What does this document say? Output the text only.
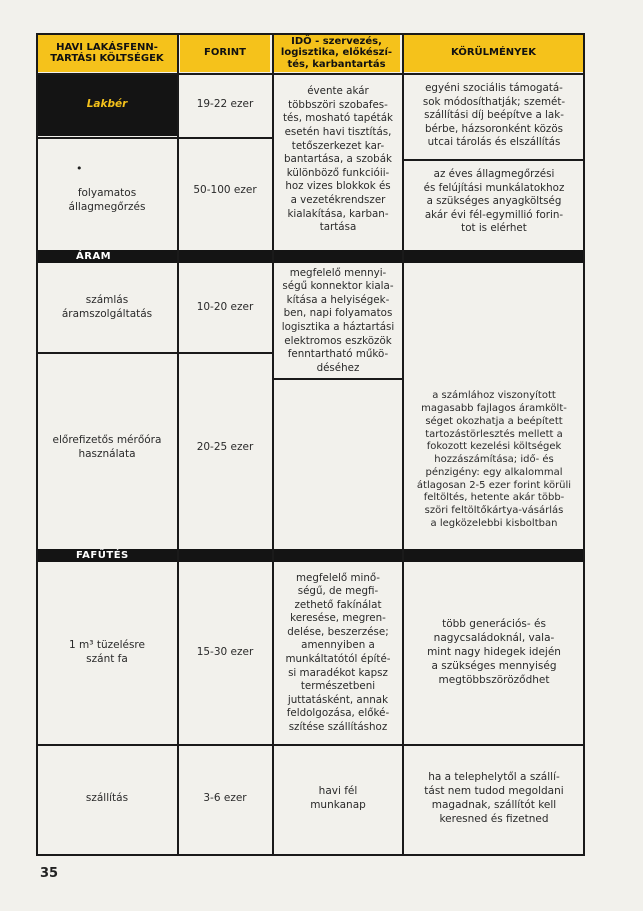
HAVI LAKÁSFENN-
TARTÁSI KÖLTSÉGEK
FORINT
IDŐ - szervezés,
logisztika, előkészí-
tés, karbantartás
KÖRÜLMÉNYEK
Lakbér	19-22 ezer
•
folyamatos
állagmegőrzés
50-100 ezer
évente akár
többszöri szobafes-
tés, mosható tapéták
esetén havi tisztítás,
tetőszerkezet kar-
bantartása, a szobák
különböző funkcióii-
hoz vizes blokkok és
a vezetékrendszer
kialakítása, karban-
tartása
egyéni szociális támogatá-
sok módosíthatják; szemét-
szállítási díj beépítve a lak-
bérbe, házsoronként közös
utcai tárolás és elszállítás
az éves állagmegőrzési
és felújítási munkálatokhoz
a szükséges anyagköltség
akár évi fél-egymillió forin-
tot is elérhet
ÁRAM
számlás
áramszolgáltatás
10-20 ezer
megfelelő mennyi-
ségű konnektor kiala-
kítása a helyiségek-
ben, napi folyamatos
logisztika a háztartási
elektromos eszközök
fenntartható műkö-
déséhez
előrefizetős mérőóra
használata
20-25 ezer
a számlához viszonyított
magasabb fajlagos áramkölt-
séget okozhatja a beépített
tartozástörlesztés mellett a
fokozott kezelési költségek
hozzászámítása; idő- és
pénzigény: egy alkalommal
átlagosan 2-5 ezer forint körüli
feltöltés, hetente akár több-
szöri feltöltőkártya-vásárlás
a legközelebbi kisboltban
FAFŰTÉS
1 m³ tüzelésre
szánt fa
15-30 ezer
megfelelő minő-
ségű, de megfi-
zethető fakínálat
keresése, megren-
delése, beszerzése;
amennyiben a
munkáltatótól építé-
si maradékot kapsz
természetbeni
juttatásként, annak
feldolgozása, előké-
szítése szállításhoz
több generációs- és
nagycsaládoknál, vala-
mint nagy hidegek idején
a szükséges mennyiség
megtöbbszöröződhet
szállítás	3-6 ezer
havi fél
munkanap
ha a telephelytől a szállí-
tást nem tudod megoldani
magadnak, szállítót kell
keresned és fizetned
35
